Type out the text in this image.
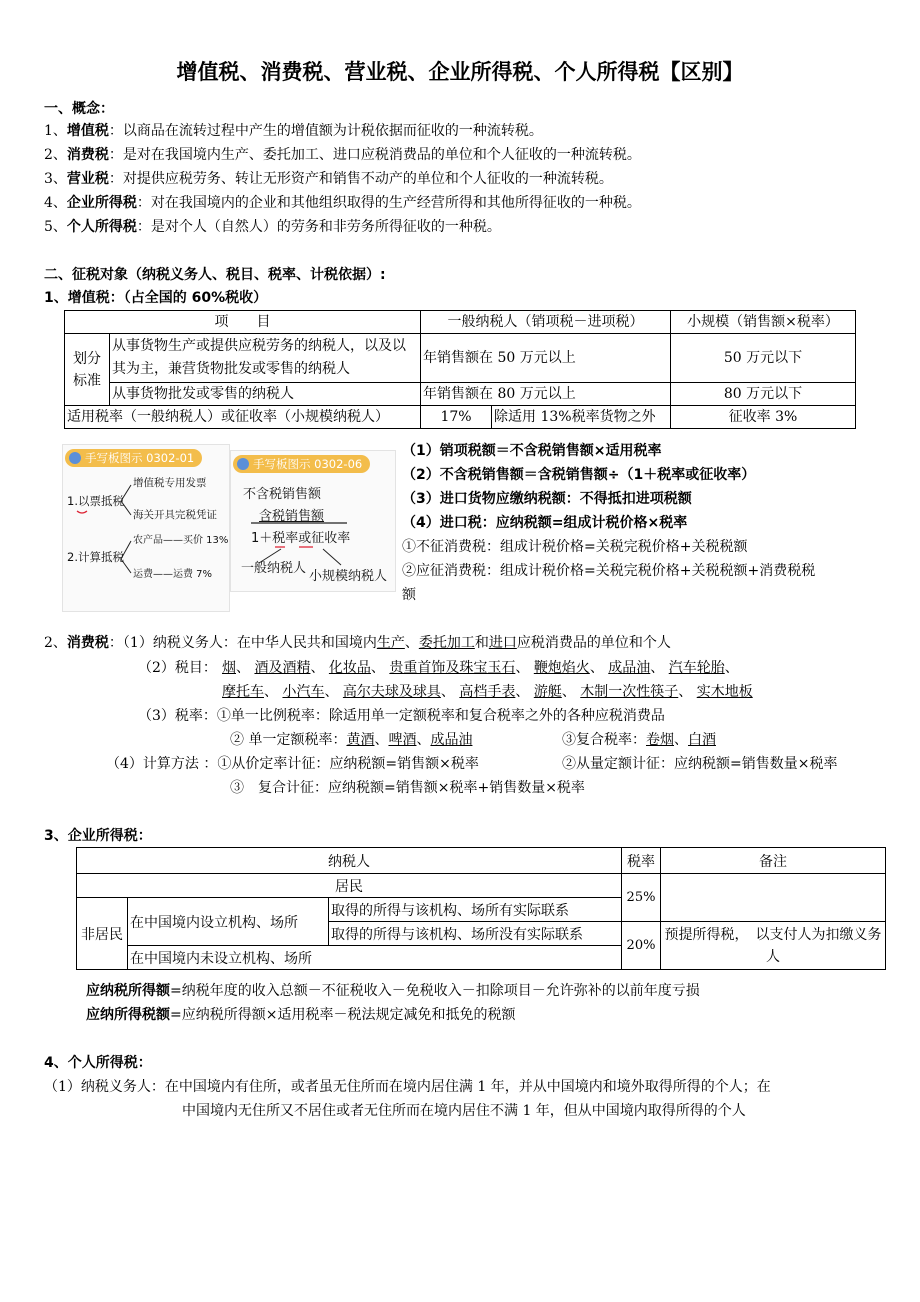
增值税、消费税、营业税、企业所得税、个人所得税【区别】
一、概念：
1、增值税：以商品在流转过程中产生的增值额为计税依据而征收的一种流转税。
2、消费税：是对在我国境内生产、委托加工、进口应税消费品的单位和个人征收的一种流转税。
3、营业税：对提供应税劳务、转让无形资产和销售不动产的单位和个人征收的一种流转税。
4、企业所得税：对在我国境内的企业和其他组织取得的生产经营所得和其他所得征收的一种税。
5、个人所得税：是对个人（自然人）的劳务和非劳务所得征收的一种税。
二、征税对象（纳税义务人、税目、税率、计税依据）:
1、增值税：（占全国的 60%税收）
项　　目		一般纳税人（销项税－进项税）		小规模（销售额×税率）
划分标准	从事货物生产或提供应税劳务的纳税人，以及以其为主，兼营货物批发或零售的纳税人	年销售额在 50 万元以上		50 万元以下
	从事货物批发或零售的纳税人	年销售额在 80 万元以上		80 万元以下
适用税率（一般纳税人）或征收率（小规模纳税人）		17%	除适用 13%税率货物之外	征收率 3%
手写板图示 0302-01
1.以票抵税
增值税专用发票
海关开具完税凭证
2.计算抵税
农产品——买价 13%
运费——运费 7%
手写板图示 0302-06
不含税销售额
含税销售额
1＋税率或征收率
一般纳税人
小规模纳税人
（1）销项税额＝不含税销售额×适用税率
（2）不含税销售额＝含税销售额÷（1＋税率或征收率）
（3）进口货物应缴纳税额：不得抵扣进项税额
（4）进口税：应纳税额=组成计税价格×税率
①不征消费税：组成计税价格=关税完税价格+关税税额
②应征消费税：组成计税价格=关税完税价格+关税税额+消费税税
额
2、消费税：（1）纳税义务人：在中华人民共和国境内生产、委托加工和进口应税消费品的单位和个人
（2）税目： 烟、 酒及酒精、 化妆品、 贵重首饰及珠宝玉石、 鞭炮焰火、 成品油、 汽车轮胎、
摩托车、 小汽车、 高尔夫球及球具、 高档手表、 游艇、 木制一次性筷子、 实木地板
（3）税率：①单一比例税率：除适用单一定额税率和复合税率之外的各种应税消费品
② 单一定额税率：黄酒、啤酒、成品油	③复合税率：卷烟、白酒
（4）计算方法 ：①从价定率计征：应纳税额=销售额×税率	②从量定额计征：应纳税额=销售数量×税率
③　复合计征：应纳税额=销售额×税率+销售数量×税率
3、企业所得税：
纳税人			税率	备注
居民			25%	
非居民	在中国境内设立机构、场所	取得的所得与该机构、场所有实际联系		
		取得的所得与该机构、场所没有实际联系	20%	预提所得税，　以支付人为扣缴义务人
	在中国境内未设立机构、场所			
应纳税所得额=纳税年度的收入总额－不征税收入－免税收入－扣除项目－允许弥补的以前年度亏损
应纳所得税额=应纳税所得额×适用税率－税法规定减免和抵免的税额
4、个人所得税：
（1）纳税义务人：在中国境内有住所，或者虽无住所而在境内居住满 1 年，并从中国境内和境外取得所得的个人；在
中国境内无住所又不居住或者无住所而在境内居住不满 1 年，但从中国境内取得所得的个人
